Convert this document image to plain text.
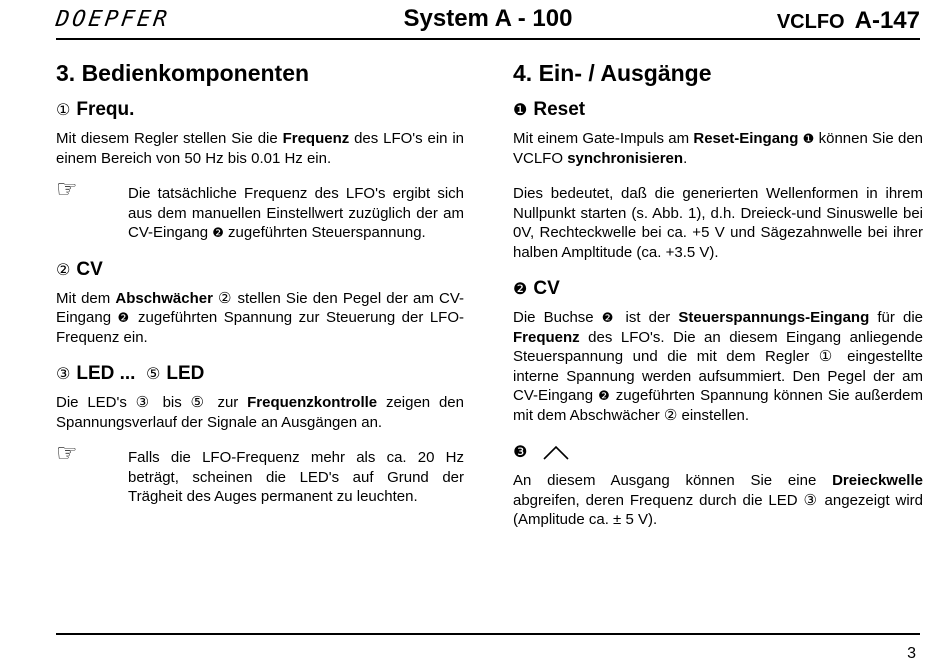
DOEPFER	System A - 100	VCLFO A-147
3. Bedienkomponenten
① Frequ.
Mit diesem Regler stellen Sie die Frequenz des LFO's ein in einem Bereich von 50 Hz bis 0.01 Hz ein.
☞	Die tatsächliche Frequenz des LFO's ergibt sich aus dem manuellen Einstellwert zuzüglich der am CV-Eingang ❷ zugeführten Steuerspannung.
② CV
Mit dem Abschwächer ② stellen Sie den Pegel der am CV-Eingang ❷ zugeführten Spannung zur Steuerung der LFO-Frequenz ein.
③ LED ... ⑤ LED
Die LED's ③ bis ⑤ zur Frequenzkontrolle zeigen den Spannungsverlauf der Signale an Ausgängen an.
☞	Falls die LFO-Frequenz mehr als ca. 20 Hz beträgt, scheinen die LED's auf Grund der Trägheit des Auges permanent zu leuchten.
4. Ein- / Ausgänge
❶ Reset
Mit einem Gate-Impuls am Reset-Eingang ❶ können Sie den VCLFO synchronisieren.
Dies bedeutet, daß die generierten Wellenformen in ihrem Nullpunkt starten (s. Abb. 1), d.h. Dreieck-und Sinuswelle bei 0V, Rechteckwelle bei ca. +5 V und Sägezahnwelle bei ihrer halben Ampltitude (ca. +3.5 V).
❷ CV
Die Buchse ❷ ist der Steuerspannungs-Eingang für die Frequenz des LFO's. Die an diesem Eingang anliegende Steuerspannung und die mit dem Regler ① eingestellte interne Spannung werden aufsummiert. Den Pegel der am CV-Eingang ❷ zugeführten Spannung können Sie außerdem mit dem Abschwächer ② einstellen.
❸
An diesem Ausgang können Sie eine Dreieckwelle abgreifen, deren Frequenz durch die LED ③ angezeigt wird (Amplitude ca. ± 5 V).
3
